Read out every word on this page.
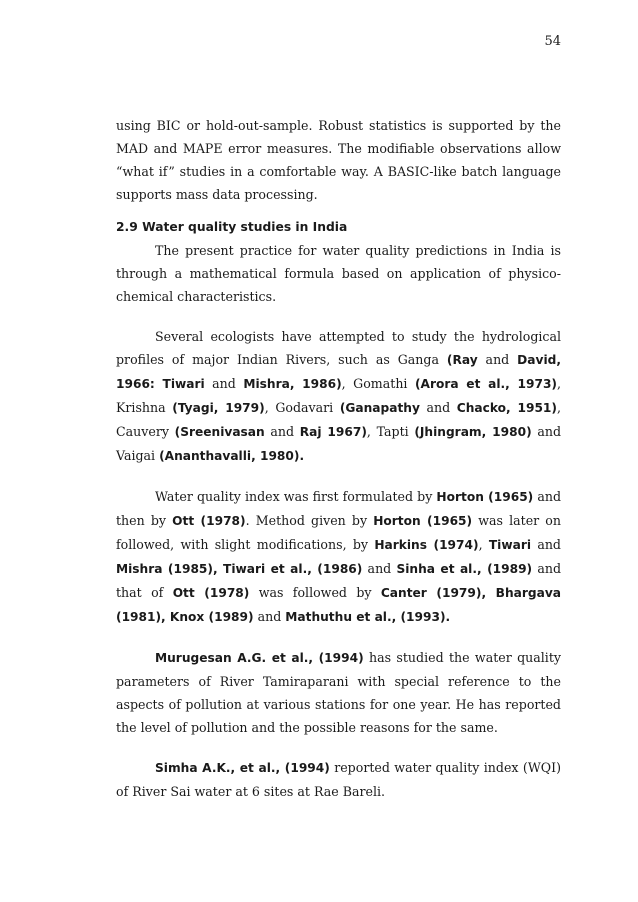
54

using BIC or hold-out-sample. Robust statistics is supported by the MAD and MAPE error measures. The modifiable observations allow “what if” studies in a comfortable way. A BASIC-like batch language supports mass data processing.

2.9 Water quality studies in India

The present practice for water quality predictions in India is through a mathematical formula based on application of physico-chemical characteristics.

Several ecologists have attempted to study the hydrological profiles of major Indian Rivers, such as Ganga (Ray and David, 1966: Tiwari and Mishra, 1986), Gomathi (Arora et al., 1973), Krishna (Tyagi, 1979), Godavari (Ganapathy and Chacko, 1951), Cauvery (Sreenivasan and Raj 1967), Tapti (Jhingram, 1980) and Vaigai (Ananthavalli, 1980).

Water quality index was first formulated by Horton (1965) and then by Ott (1978). Method given by Horton (1965) was later on followed, with slight modifications, by Harkins (1974), Tiwari and Mishra (1985), Tiwari et al., (1986) and Sinha et al., (1989) and that of Ott (1978) was followed by Canter (1979), Bhargava (1981), Knox (1989) and Mathuthu et al., (1993).

Murugesan A.G. et al., (1994) has studied the water quality parameters of River Tamiraparani with special reference to the aspects of pollution at various stations for one year. He has reported the level of pollution and the possible reasons for the same.

Simha A.K., et al., (1994) reported water quality index (WQI) of River Sai water at 6 sites at Rae Bareli.
